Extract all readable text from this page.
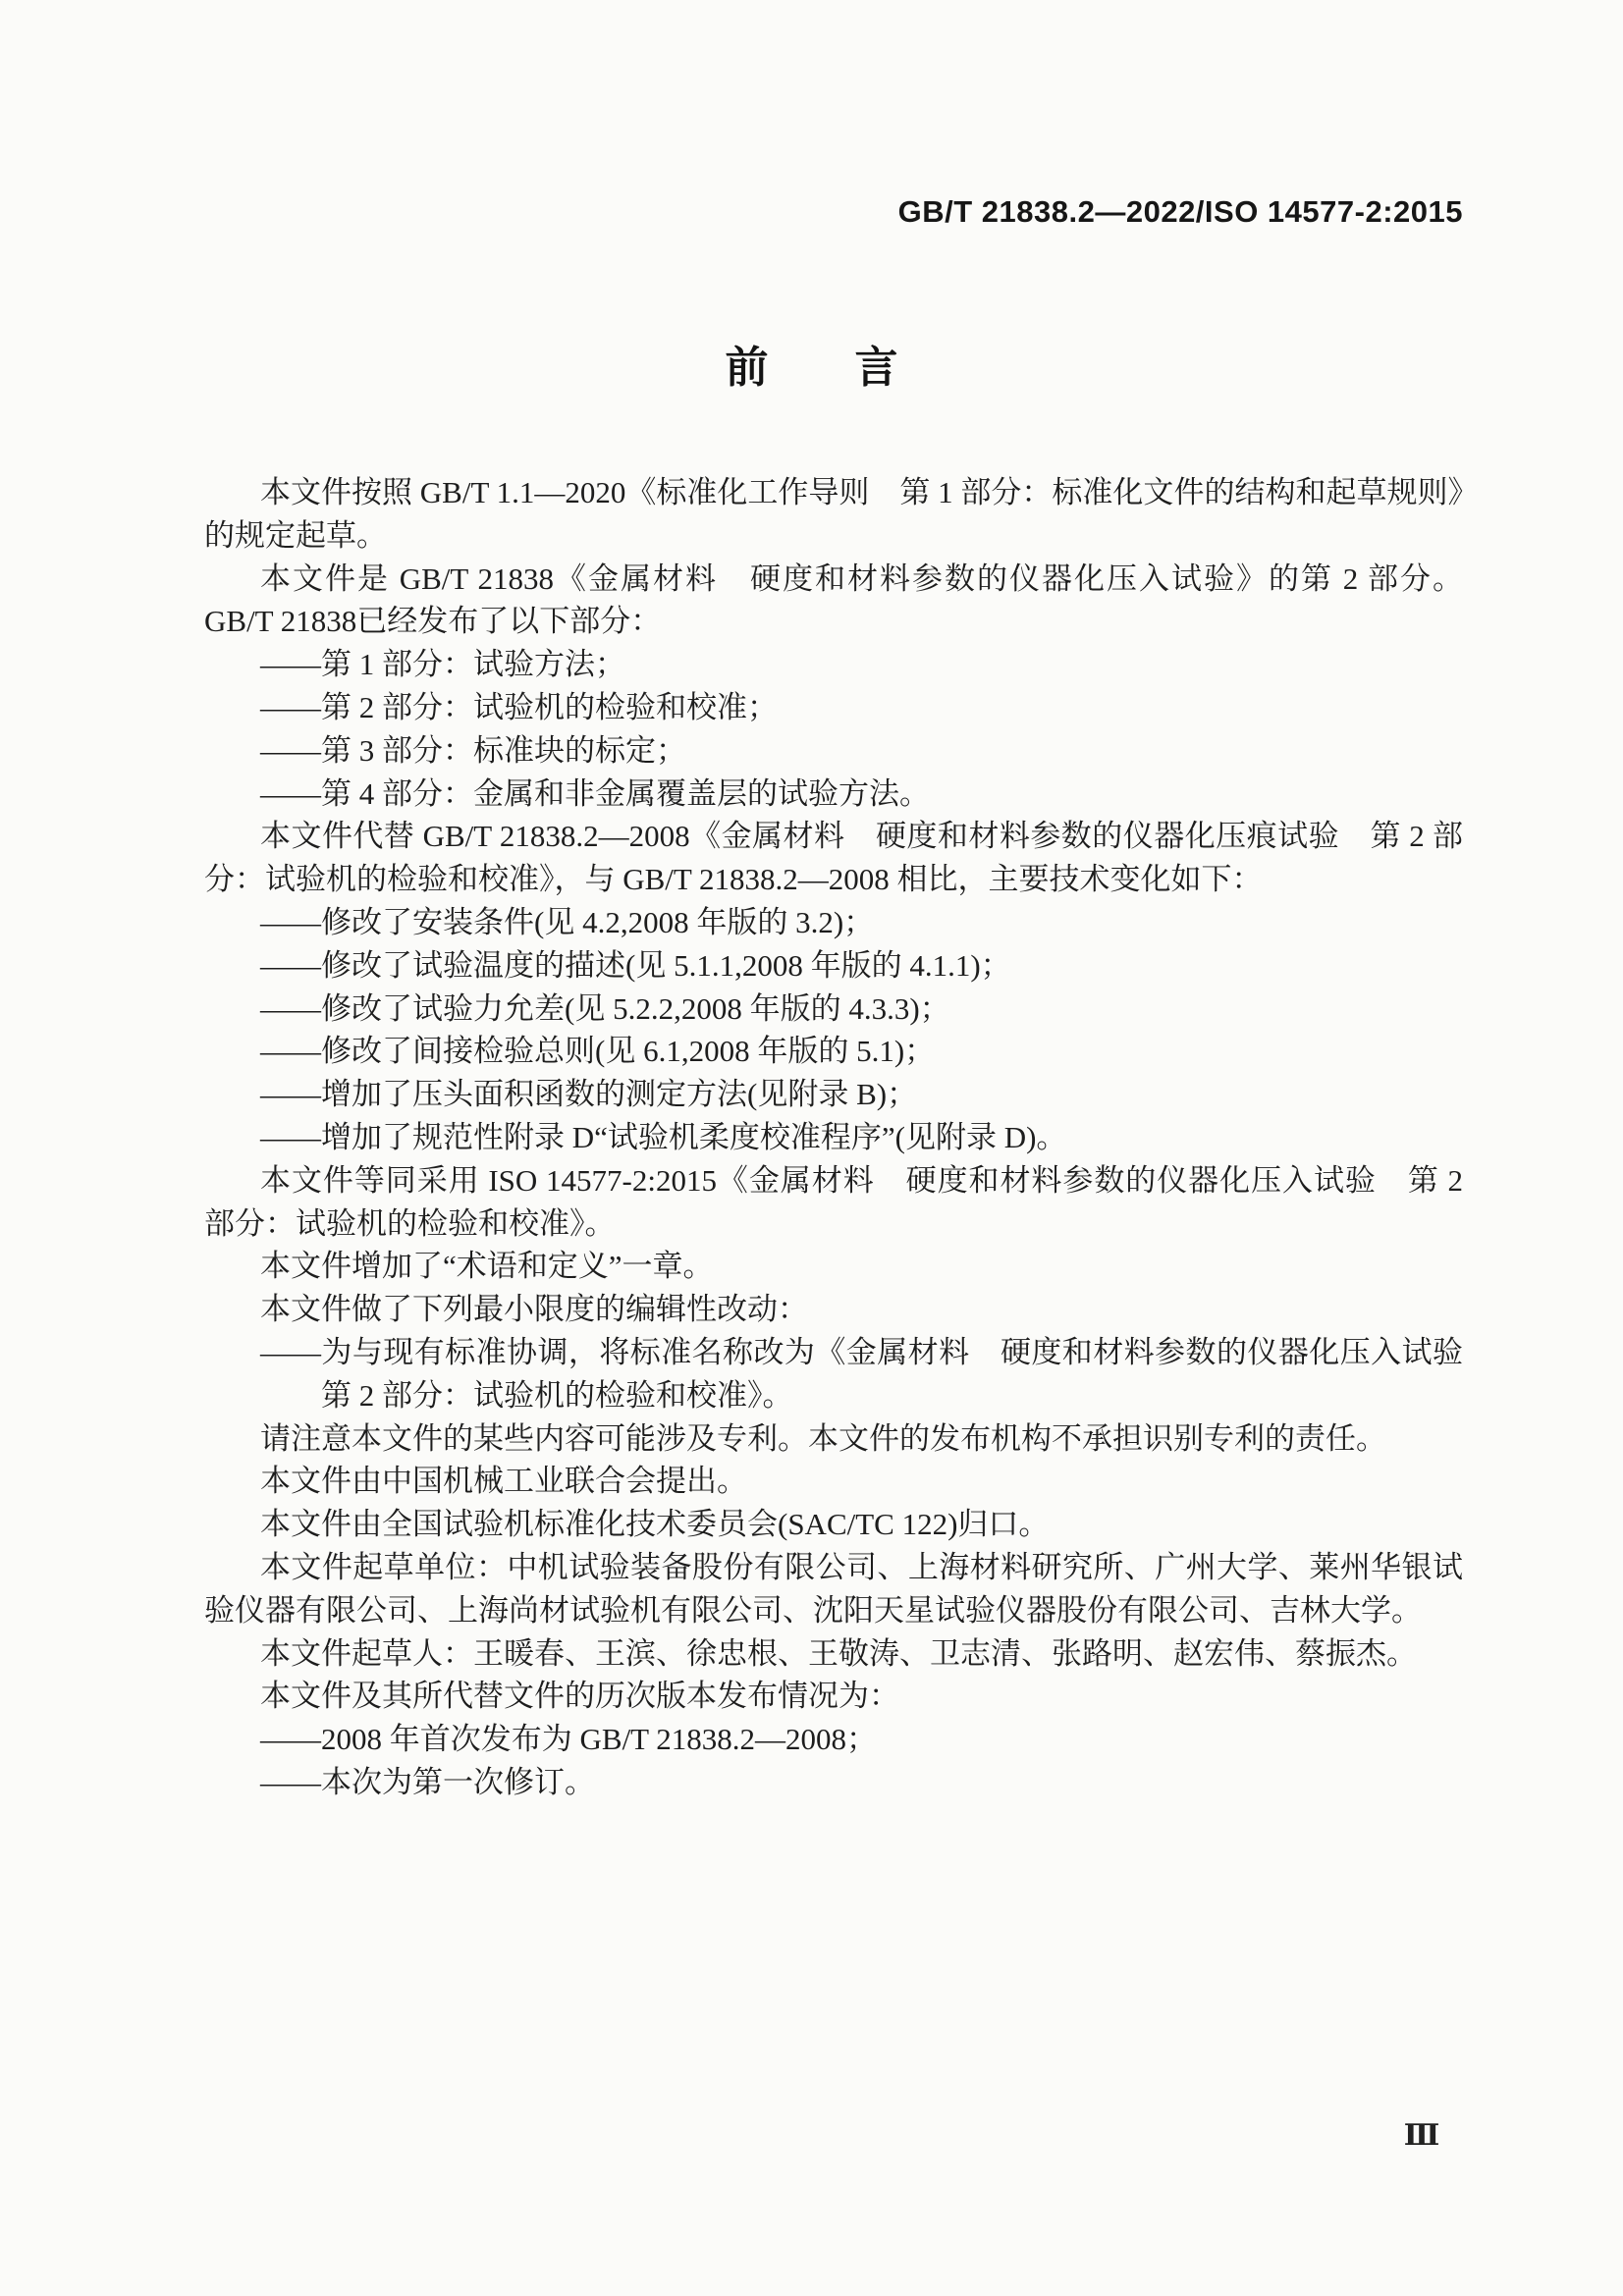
GB/T 21838.2—2022/ISO 14577-2:2015
前　　言

本文件按照 GB/T 1.1—2020《标准化工作导则　第 1 部分：标准化文件的结构和起草规则》的规定起草。

本文件是 GB/T 21838《金属材料　硬度和材料参数的仪器化压入试验》的第 2 部分。GB/T 21838已经发布了以下部分：

——第 1 部分：试验方法；

——第 2 部分：试验机的检验和校准；

——第 3 部分：标准块的标定；

——第 4 部分：金属和非金属覆盖层的试验方法。

本文件代替 GB/T 21838.2—2008《金属材料　硬度和材料参数的仪器化压痕试验　第 2 部分：试验机的检验和校准》，与 GB/T 21838.2—2008 相比，主要技术变化如下：

——修改了安装条件(见 4.2,2008 年版的 3.2)；

——修改了试验温度的描述(见 5.1.1,2008 年版的 4.1.1)；

——修改了试验力允差(见 5.2.2,2008 年版的 4.3.3)；

——修改了间接检验总则(见 6.1,2008 年版的 5.1)；

——增加了压头面积函数的测定方法(见附录 B)；

——增加了规范性附录 D“试验机柔度校准程序”(见附录 D)。

本文件等同采用 ISO 14577-2:2015《金属材料　硬度和材料参数的仪器化压入试验　第 2 部分：试验机的检验和校准》。

本文件增加了“术语和定义”一章。

本文件做了下列最小限度的编辑性改动：

——为与现有标准协调，将标准名称改为《金属材料　硬度和材料参数的仪器化压入试验　第 2 部分：试验机的检验和校准》。

请注意本文件的某些内容可能涉及专利。本文件的发布机构不承担识别专利的责任。

本文件由中国机械工业联合会提出。

本文件由全国试验机标准化技术委员会(SAC/TC 122)归口。

本文件起草单位：中机试验装备股份有限公司、上海材料研究所、广州大学、莱州华银试验仪器有限公司、上海尚材试验机有限公司、沈阳天星试验仪器股份有限公司、吉林大学。

本文件起草人：王暖春、王滨、徐忠根、王敬涛、卫志清、张路明、赵宏伟、蔡振杰。

本文件及其所代替文件的历次版本发布情况为：

——2008 年首次发布为 GB/T 21838.2—2008；

——本次为第一次修订。

Ⅲ
